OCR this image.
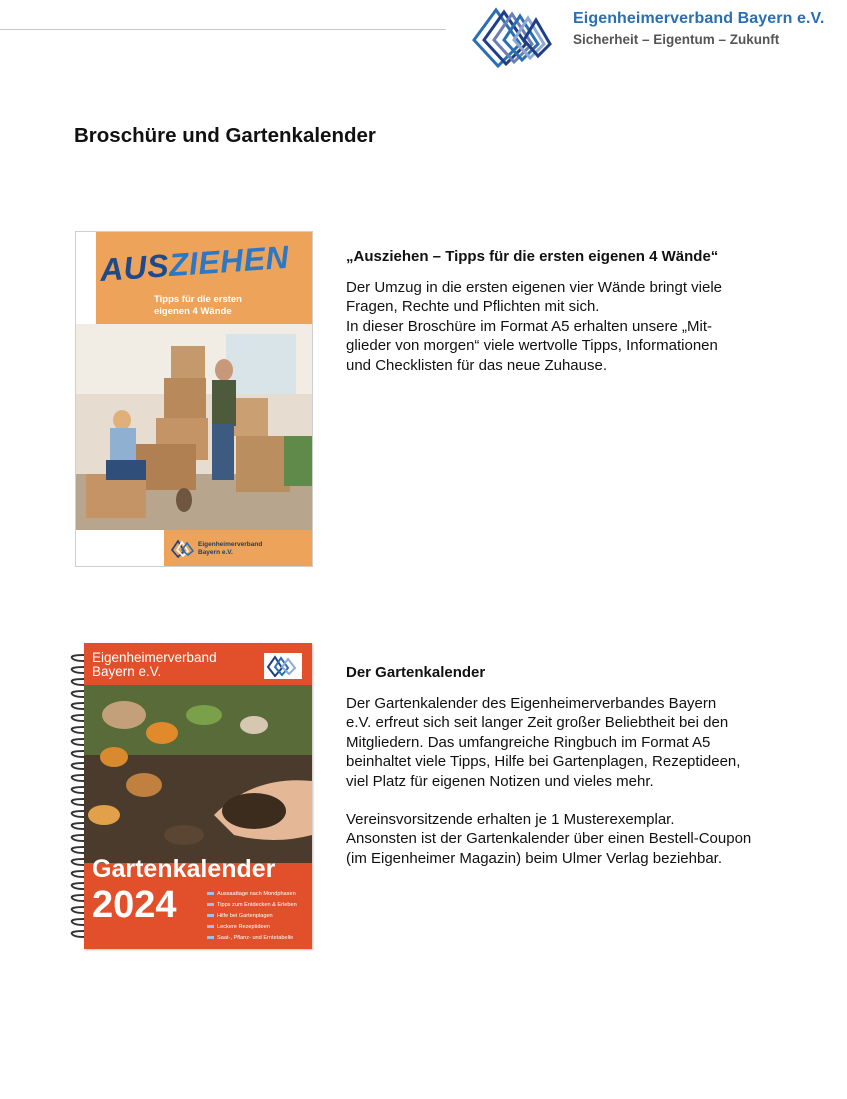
Eigenheimerverband Bayern e.V.
Sicherheit – Eigentum – Zukunft
Broschüre und Gartenkalender
AUSZIEHEN
Tipps für die ersten
eigenen 4 Wände
Eigenheimerverband
Bayern e.V.
„Ausziehen – Tipps für die ersten eigenen 4 Wände“

Der Umzug in die ersten eigenen vier Wände bringt viele

Fragen, Rechte und Pflichten mit sich.

In dieser Broschüre im Format A5 erhalten unsere „Mit-

glieder von morgen“ viele wertvolle Tipps, Informationen

und Checklisten für das neue Zuhause.

Eigenheimerverband
Bayern e.V.
Gartenkalender
2024	Aussaattage nach Mondphasen
Tipps zum Entdecken & Erleben
Hilfe bei Gartenplagen
Leckere Rezeptideen
Saat-, Pflanz- und Erntetabelle
Der Gartenkalender

Der Gartenkalender des Eigenheimerverbandes Bayern

e.V. erfreut sich seit langer Zeit großer Beliebtheit bei den

Mitgliedern. Das umfangreiche Ringbuch im Format A5

beinhaltet viele Tipps, Hilfe bei Gartenplagen, Rezeptideen,

viel Platz für eigenen Notizen und vieles mehr.

Vereinsvorsitzende erhalten je 1 Musterexemplar.

Ansonsten ist der Gartenkalender über einen Bestell-Coupon

(im Eigenheimer Magazin) beim Ulmer Verlag beziehbar.
